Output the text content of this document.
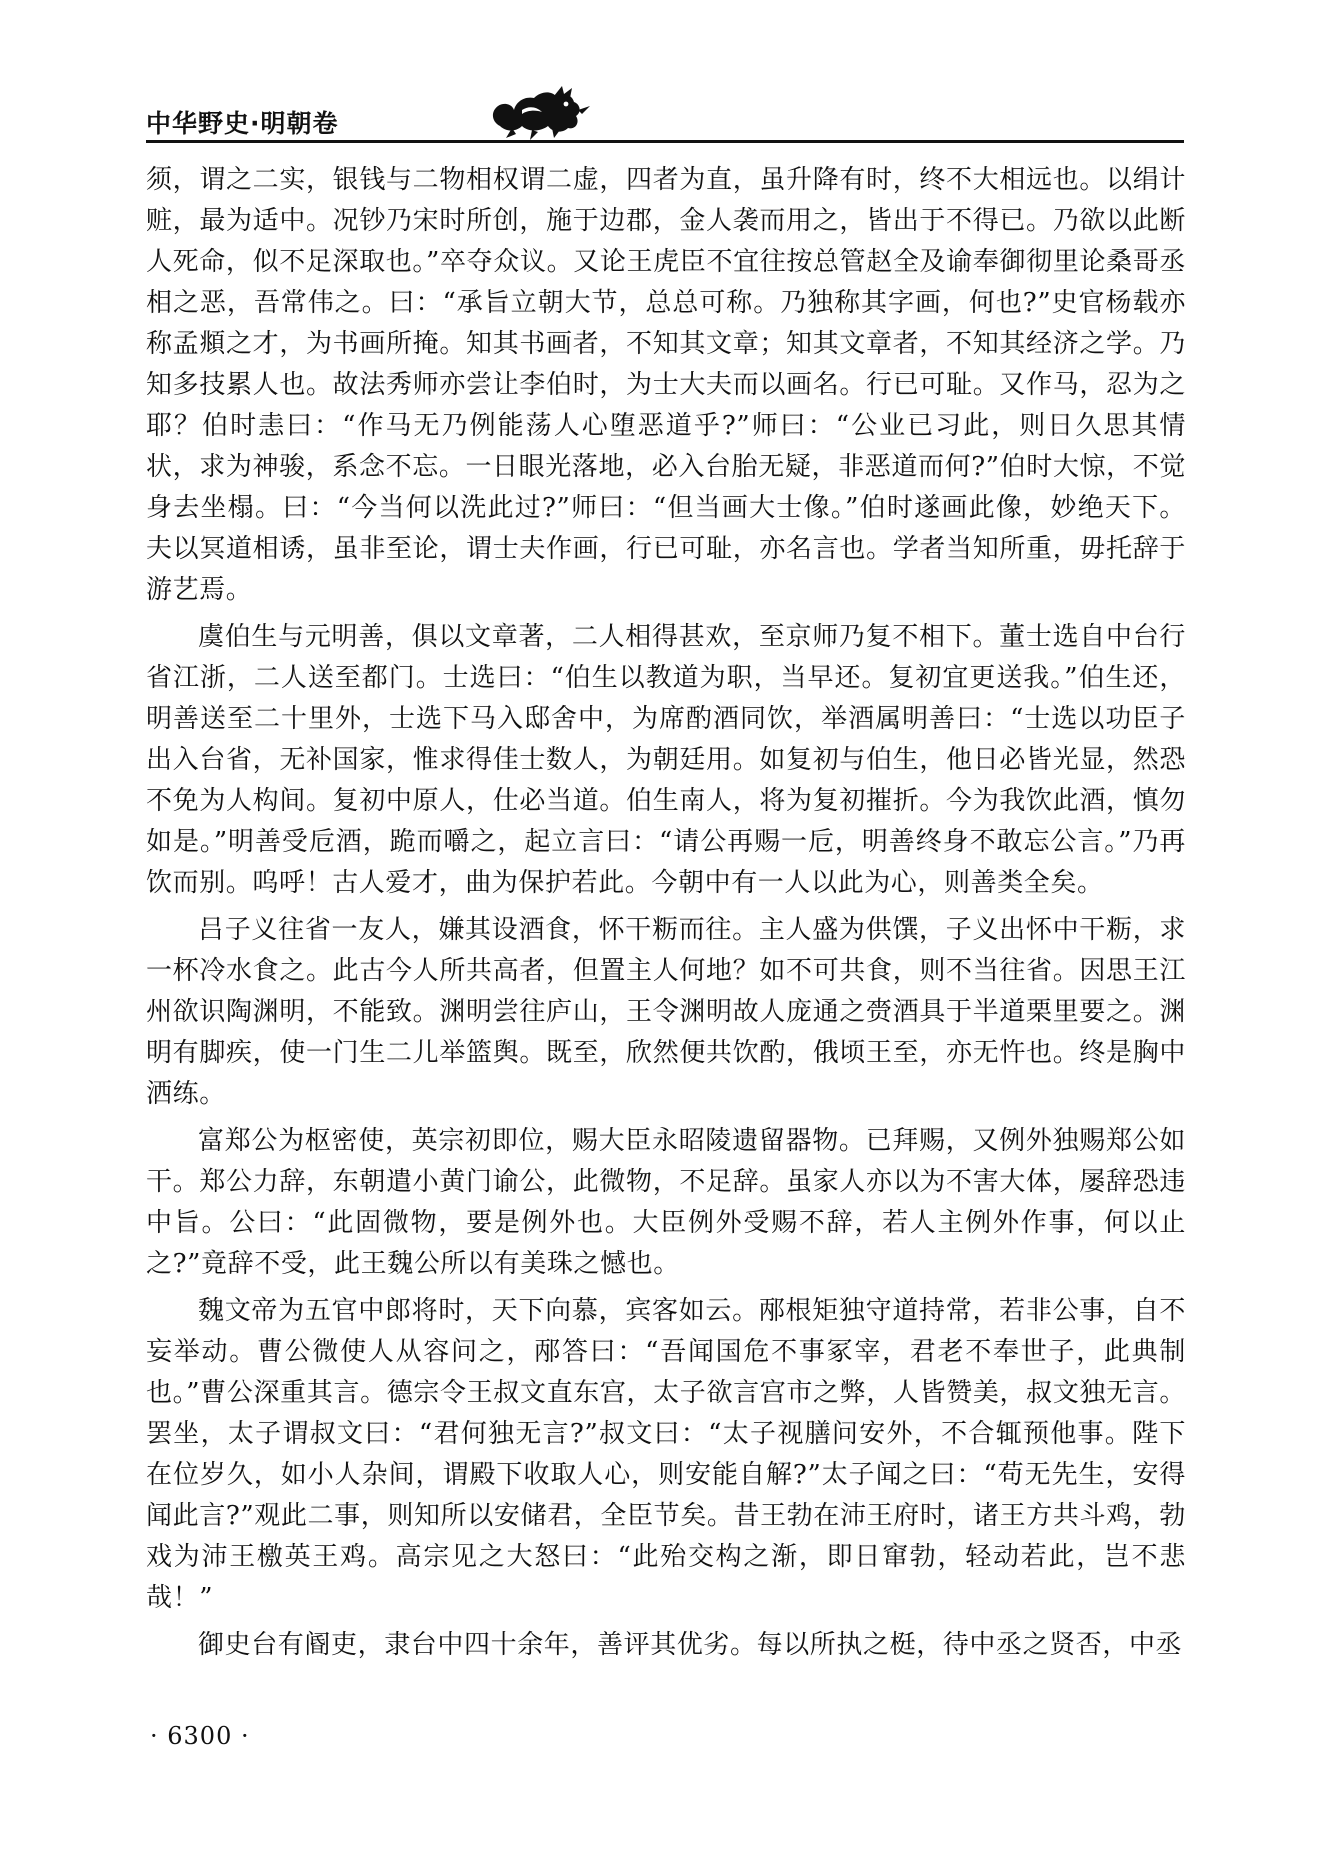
中华野史·明朝卷

须，谓之二实，银钱与二物相权谓二虚，四者为直，虽升降有时，终不大相远也。以绢计赃，最为适中。况钞乃宋时所创，施于边郡，金人袭而用之，皆出于不得已。乃欲以此断人死命，似不足深取也。”卒夺众议。又论王虎臣不宜往按总管赵全及谕奉御彻里论桑哥丞相之恶，吾常伟之。曰：“承旨立朝大节，总总可称。乃独称其字画，何也?”史官杨载亦称孟頫之才，为书画所掩。知其书画者，不知其文章；知其文章者，不知其经济之学。乃知多技累人也。故法秀师亦尝让李伯时，为士大夫而以画名。行已可耻。又作马，忍为之耶？伯时恚曰：“作马无乃例能荡人心堕恶道乎?”师曰：“公业已习此，则日久思其情状，求为神骏，系念不忘。一日眼光落地，必入台胎无疑，非恶道而何?”伯时大惊，不觉身去坐榻。曰：“今当何以洗此过?”师曰：“但当画大士像。”伯时遂画此像，妙绝天下。夫以冥道相诱，虽非至论，谓士夫作画，行已可耻，亦名言也。学者当知所重，毋托辞于游艺焉。

虞伯生与元明善，俱以文章著，二人相得甚欢，至京师乃复不相下。董士选自中台行省江浙，二人送至都门。士选曰：“伯生以教道为职，当早还。复初宜更送我。”伯生还，明善送至二十里外，士选下马入邸舍中，为席酌酒同饮，举酒属明善曰：“士选以功臣子出入台省，无补国家，惟求得佳士数人，为朝廷用。如复初与伯生，他日必皆光显，然恐不免为人构间。复初中原人，仕必当道。伯生南人，将为复初摧折。今为我饮此酒，慎勿如是。”明善受卮酒，跪而嚼之，起立言曰：“请公再赐一卮，明善终身不敢忘公言。”乃再饮而别。呜呼！古人爱才，曲为保护若此。今朝中有一人以此为心，则善类全矣。

吕子义往省一友人，嫌其设酒食，怀干粝而往。主人盛为供馔，子义出怀中干粝，求一杯冷水食之。此古今人所共高者，但置主人何地？如不可共食，则不当往省。因思王江州欲识陶渊明，不能致。渊明尝往庐山，王令渊明故人庞通之赍酒具于半道栗里要之。渊明有脚疾，使一门生二儿举篮舆。既至，欣然便共饮酌，俄顷王至，亦无忤也。终是胸中洒练。

富郑公为枢密使，英宗初即位，赐大臣永昭陵遗留器物。已拜赐，又例外独赐郑公如干。郑公力辞，东朝遣小黄门谕公，此微物，不足辞。虽家人亦以为不害大体，屡辞恐违中旨。公曰：“此固微物，要是例外也。大臣例外受赐不辞，若人主例外作事，何以止之?”竟辞不受，此王魏公所以有美珠之憾也。

魏文帝为五官中郎将时，天下向慕，宾客如云。邴根矩独守道持常，若非公事，自不妄举动。曹公微使人从容问之，邴答曰：“吾闻国危不事冢宰，君老不奉世子，此典制也。”曹公深重其言。德宗令王叔文直东宫，太子欲言宫市之弊，人皆赞美，叔文独无言。罢坐，太子谓叔文曰：“君何独无言?”叔文曰：“太子视膳问安外，不合辄预他事。陛下在位岁久，如小人杂间，谓殿下收取人心，则安能自解?”太子闻之曰：“苟无先生，安得闻此言?”观此二事，则知所以安储君，全臣节矣。昔王勃在沛王府时，诸王方共斗鸡，勃戏为沛王檄英王鸡。高宗见之大怒曰：“此殆交构之渐，即日窜勃，轻动若此，岂不悲哉！”

御史台有阍吏，隶台中四十余年，善评其优劣。每以所执之梃，待中丞之贤否，中丞

· 6300 ·
